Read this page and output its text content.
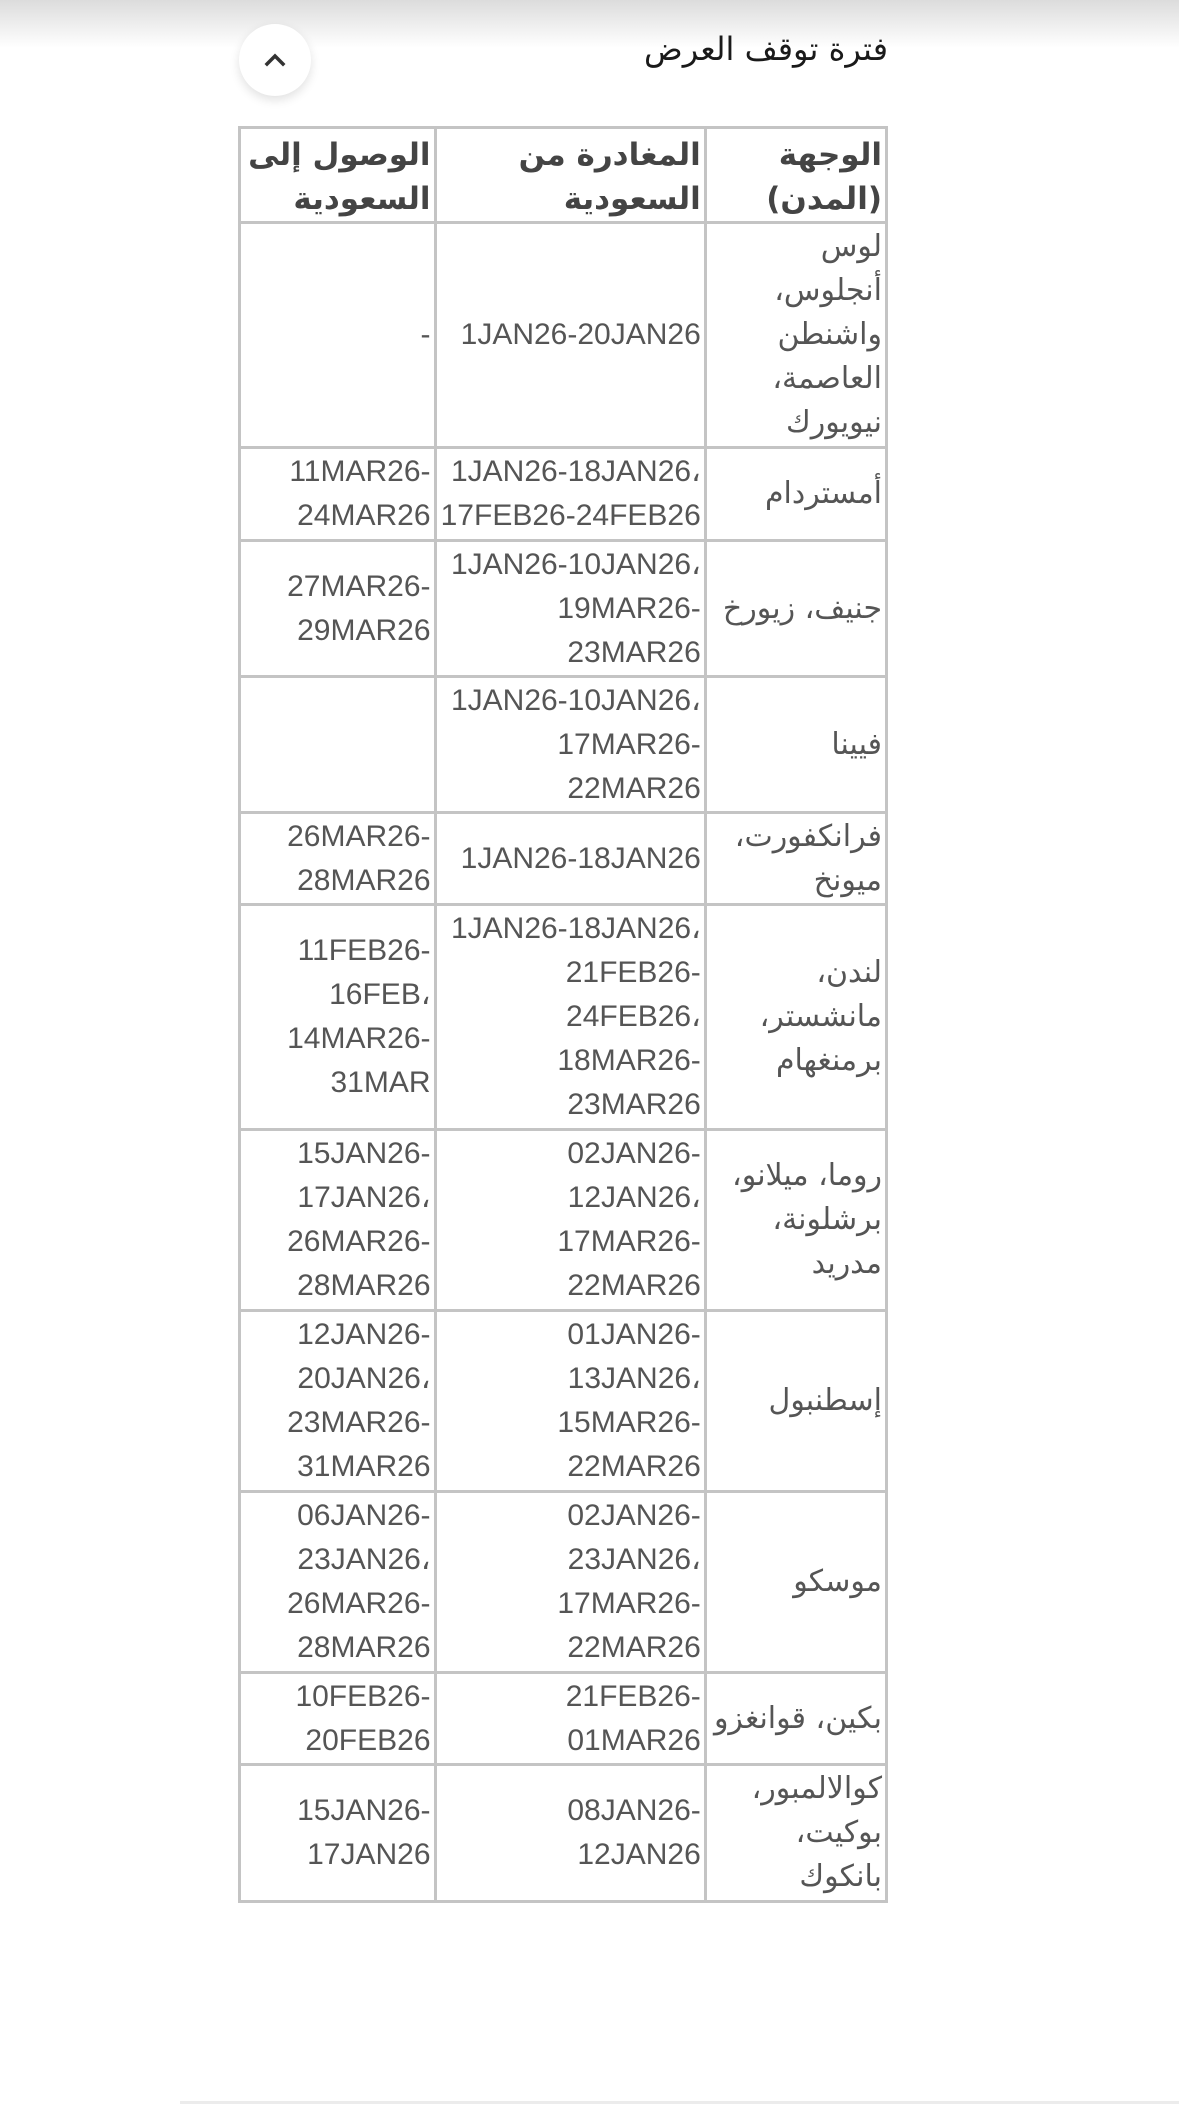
فترة توقف العرض
الوجهة (المدن)	المغادرة من السعودية	الوصول إلى السعودية
لوس أنجلوس، واشنطن العاصمة، نيويورك	1JAN26-20JAN26	-

أمستردام	1JAN26-18JAN26،
17FEB26-24FEB26	11MAR26-
24MAR26

جنيف، زيورخ	1JAN26-10JAN26،
19MAR26-
23MAR26	27MAR26-
29MAR26

فيينا	1JAN26-10JAN26،
17MAR26-
22MAR26	

فرانكفورت، ميونخ	1JAN26-18JAN26	26MAR26-
28MAR26

لندن، مانشستر، برمنغهام	1JAN26-18JAN26،
21FEB26-
24FEB26،
18MAR26-
23MAR26	11FEB26-
16FEB،
14MAR26-
31MAR

روما، ميلانو، برشلونة، مدريد	02JAN26-
12JAN26،
17MAR26-
22MAR26	15JAN26-
17JAN26،
26MAR26-
28MAR26

إسطنبول	01JAN26-
13JAN26،
15MAR26-
22MAR26	12JAN26-
20JAN26،
23MAR26-
31MAR26

موسكو	02JAN26-
23JAN26،
17MAR26-
22MAR26	06JAN26-
23JAN26،
26MAR26-
28MAR26

بكين، قوانغزو	21FEB26-
01MAR26	10FEB26-
20FEB26

كوالالمبور، بوكيت، بانكوك	08JAN26-
12JAN26	15JAN26-
17JAN26
